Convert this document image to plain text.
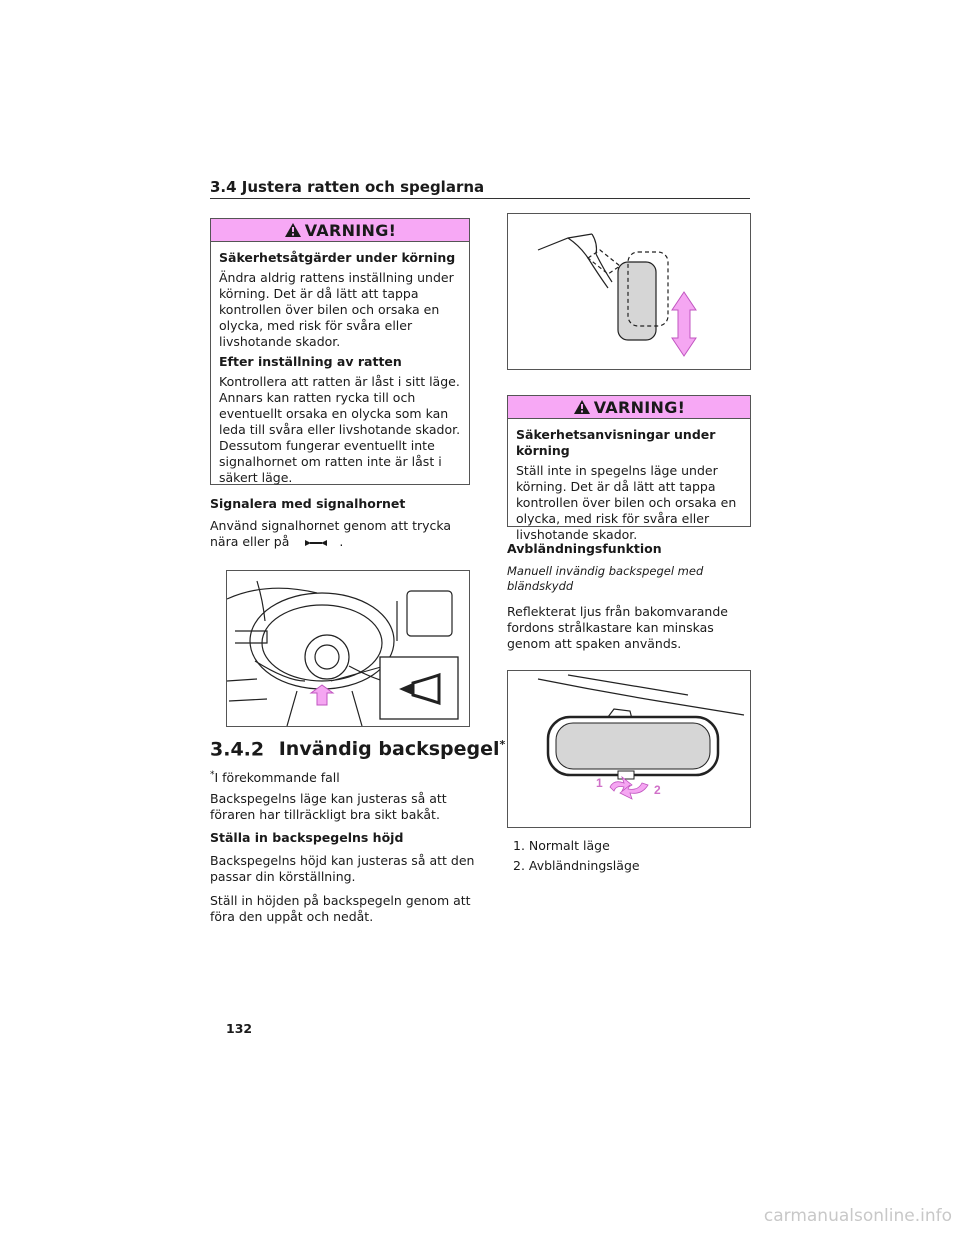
3.4 Justera ratten och speglarna
VARNING!
Säkerhetsåtgärder under körning
Ändra aldrig rattens inställning under körning. Det är då lätt att tappa kontrollen över bilen och orsaka en olycka, med risk för svåra eller livshotande skador.
Efter inställning av ratten
Kontrollera att ratten är låst i sitt läge. Annars kan ratten rycka till och eventuellt orsaka en olycka som kan leda till svåra eller livshotande skador. Dessutom fungerar eventuellt inte signalhornet om ratten inte är låst i säkert läge.
Signalera med signalhornet
Använd signalhornet genom att trycka nära eller på	.
3.4.2 Invändig backspegel*
*I förekommande fall
Backspegelns läge kan justeras så att föraren har tillräckligt bra sikt bakåt.
Ställa in backspegelns höjd
Backspegelns höjd kan justeras så att den passar din körställning.
Ställ in höjden på backspegeln genom att föra den uppåt och nedåt.
VARNING!
Säkerhetsanvisningar under körning
Ställ inte in spegelns läge under körning. Det är då lätt att tappa kontrollen över bilen och orsaka en olycka, med risk för svåra eller livshotande skador.
Avbländningsfunktion
Manuell invändig backspegel med bländskydd
Reflekterat ljus från bakomvarande fordons strålkastare kan minskas genom att spaken används.
1	2
1. Normalt läge
2. Avbländningsläge
132
carmanualsonline.info
